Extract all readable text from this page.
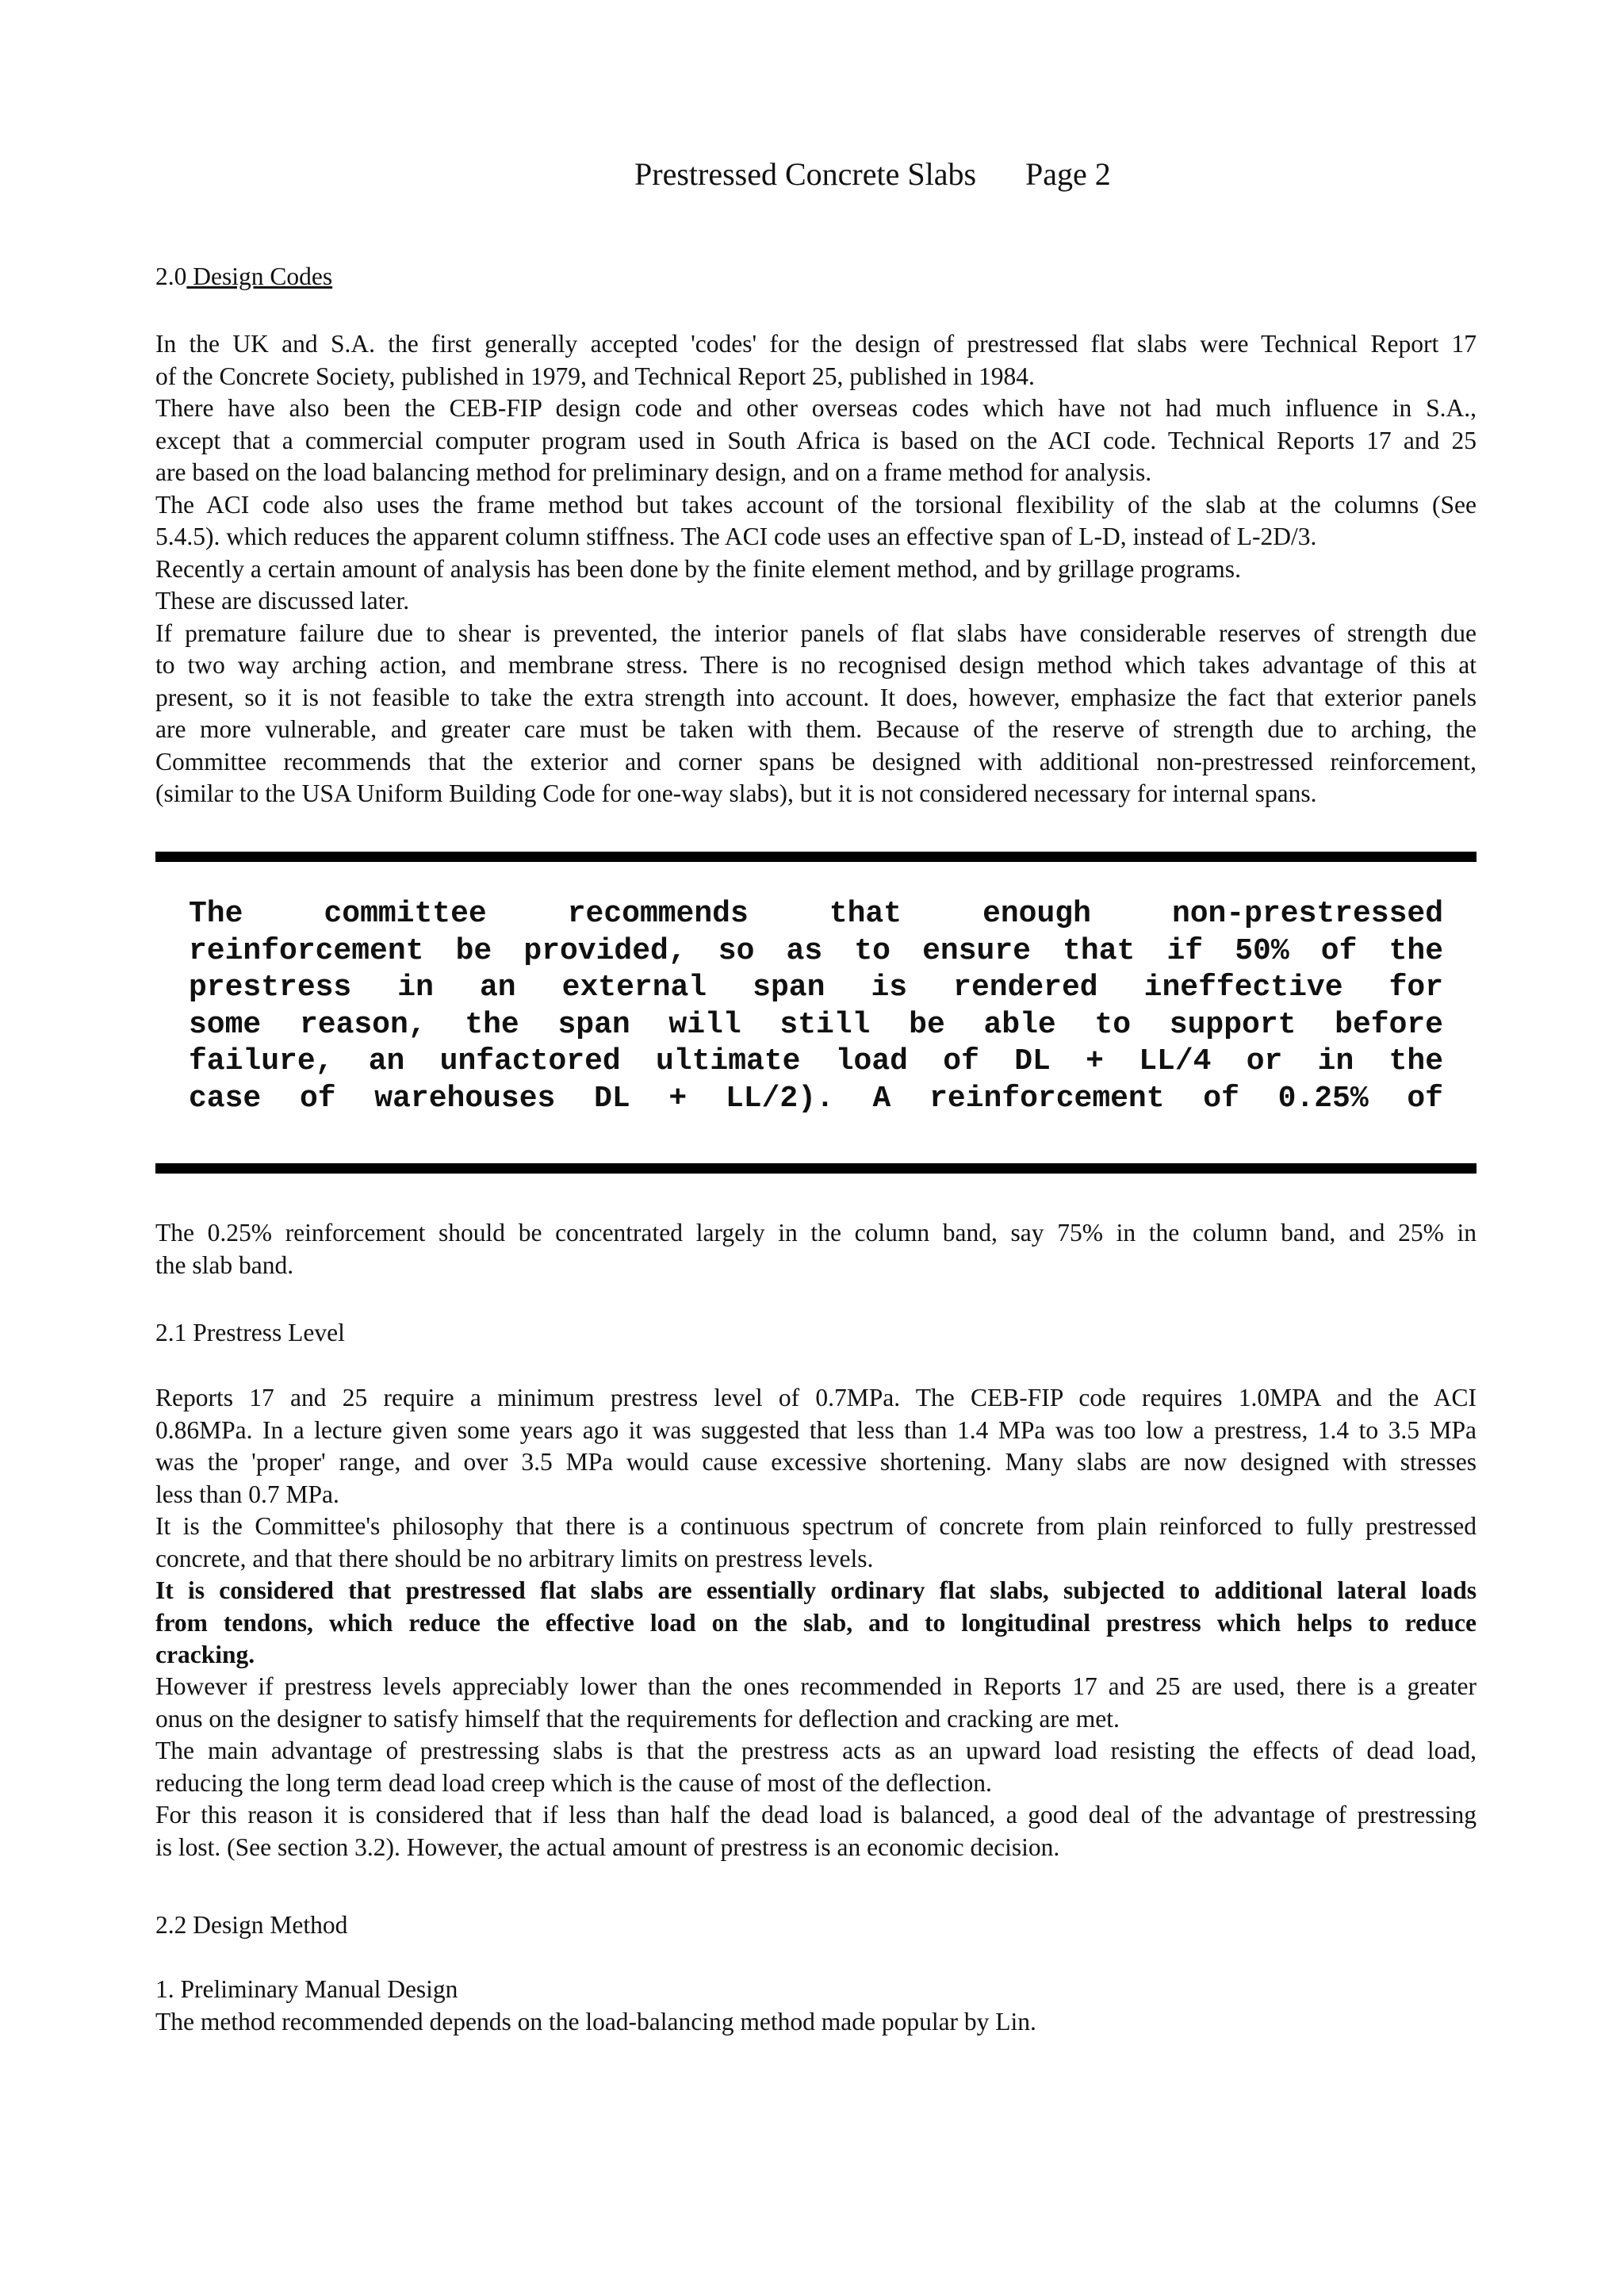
Prestressed Concrete Slabs Page 2
2.0 Design Codes
In the UK and S.A. the first generally accepted 'codes' for the design of prestressed flat slabs were Technical Report 17
of the Concrete Society, published in 1979, and Technical Report 25, published in 1984.
There have also been the CEB-FIP design code and other overseas codes which have not had much influence in S.A.,
except that a commercial computer program used in South Africa is based on the ACI code. Technical Reports 17 and 25
are based on the load balancing method for preliminary design, and on a frame method for analysis.
The ACI code also uses the frame method but takes account of the torsional flexibility of the slab at the columns (See
5.4.5). which reduces the apparent column stiffness. The ACI code uses an effective span of L-D, instead of L-2D/3.
Recently a certain amount of analysis has been done by the finite element method, and by grillage programs.
These are discussed later.
If premature failure due to shear is prevented, the interior panels of flat slabs have considerable reserves of strength due
to two way arching action, and membrane stress. There is no recognised design method which takes advantage of this at
present, so it is not feasible to take the extra strength into account. It does, however, emphasize the fact that exterior panels
are more vulnerable, and greater care must be taken with them. Because of the reserve of strength due to arching, the
Committee recommends that the exterior and corner spans be designed with additional non-prestressed reinforcement,
(similar to the USA Uniform Building Code for one-way slabs), but it is not considered necessary for internal spans.
The committee recommends that enough non-prestressed
reinforcement be provided, so as to ensure that if 50% of the
prestress in an external span is rendered ineffective for
some reason, the span will still be able to support before
failure, an unfactored ultimate load of DL + LL/4 or in the
case of warehouses DL + LL/2). A reinforcement of 0.25% of
The 0.25% reinforcement should be concentrated largely in the column band, say 75% in the column band, and 25% in
the slab band.
2.1 Prestress Level
Reports 17 and 25 require a minimum prestress level of 0.7MPa. The CEB-FIP code requires 1.0MPA and the ACI
0.86MPa. In a lecture given some years ago it was suggested that less than 1.4 MPa was too low a prestress, 1.4 to 3.5 MPa
was the 'proper' range, and over 3.5 MPa would cause excessive shortening. Many slabs are now designed with stresses
less than 0.7 MPa.
It is the Committee's philosophy that there is a continuous spectrum of concrete from plain reinforced to fully prestressed
concrete, and that there should be no arbitrary limits on prestress levels.
It is considered that prestressed flat slabs are essentially ordinary flat slabs, subjected to additional lateral loads
from tendons, which reduce the effective load on the slab, and to longitudinal prestress which helps to reduce
cracking.
However if prestress levels appreciably lower than the ones recommended in Reports 17 and 25 are used, there is a greater
onus on the designer to satisfy himself that the requirements for deflection and cracking are met.
The main advantage of prestressing slabs is that the prestress acts as an upward load resisting the effects of dead load,
reducing the long term dead load creep which is the cause of most of the deflection.
For this reason it is considered that if less than half the dead load is balanced, a good deal of the advantage of prestressing
is lost. (See section 3.2). However, the actual amount of prestress is an economic decision.
2.2 Design Method
1. Preliminary Manual Design
The method recommended depends on the load-balancing method made popular by Lin.
